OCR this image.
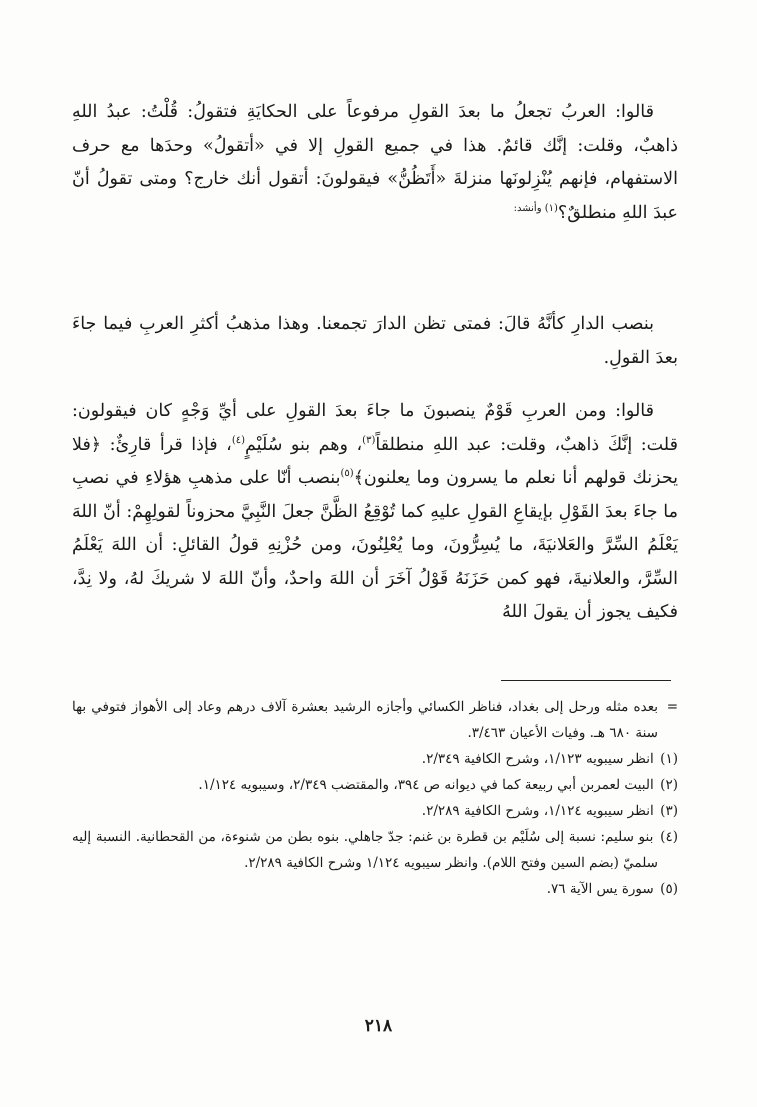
قالوا: العربُ تجعلُ ما بعدَ القولِ مرفوعاً على الحكايَةِ فتقولُ: قُلْتُ: عبدُ اللهِ ذاهبٌ، وقلت: إنَّك قائمٌ. هذا في جميع القولِ إلا في «أتقولُ» وحدَها مع حرف الاستفهام، فإنهم يُنْزِلونَها منزلةَ «أَتَظُنُّ» فيقولونَ: أتقول أنك خارج؟ ومتى تقولُ أنّ عبدَ اللهِ منطلقٌ؟$^{(١) وأنشد:}$

بنصب الدارِ كأنَّهُ قالَ: فمتى تظن الدارَ تجمعنا. وهذا مذهبُ أكثرِ العربِ فيما جاءَ بعدَ القولِ.

قالوا: ومن العربِ قَوْمٌ ينصبونَ ما جاءَ بعدَ القولِ على أيِّ وَجْهٍ كان فيقولون: قلت: إنَّكَ ذاهبٌ، وقلت: عبد اللهِ منطلقاً$^{(٣)}$، وهم بنو سُلَيْمٍ$^{(٤)}$، فإذا قرأ قارِئٌ: ﴿فلا يحزنك قولهم أنا نعلم ما يسرون وما يعلنون﴾$^{(٥)}$بنصب أنّا على مذهبِ هؤلاءِ في نصبِ ما جاءَ بعدَ القَوْلِ بإيقاعِ القولِ عليهِ كما تُوْقِعُ الظَّنَّ جعلَ النَّبِيَّ محزوناً لقولِهِمْ: أنّ اللهَ يَعْلَمُ السِّرَّ والعَلانيَةَ، ما يُسِرُّونَ، وما يُعْلِنُونَ، ومن حُزْنِهِ قولُ القائلِ: أن اللهَ يَعْلَمُ السِّرَّ، والعلانيةَ، فهو كمن حَزَنَهُ قَوْلُ آخَرَ أن اللهَ واحدٌ، وأنّ اللهَ لا شريكَ لهُ، ولا نِدَّ، فكيف يجوز أن يقولَ اللهُ

=بعده مثله ورحل إلى بغداد، فناظر الكسائي وأجازه الرشيد بعشرة آلاف درهم وعاد إلى الأهواز فتوفي بها سنة ٦٨٠ هـ. وفيات الأعيان ٣/٤٦٣.

(١) انظر سيبويه ١/١٢٣، وشرح الكافية ٢/٣٤٩.

(٢) البيت لعمربن أبي ربيعة كما في ديوانه ص ٣٩٤، والمقتضب ٢/٣٤٩، وسيبويه ١/١٢٤.

(٣) انظر سيبويه ١/١٢٤، وشرح الكافية ٢/٢٨٩.

(٤) بنو سليم: نسبة إلى سُلَيْم بن قطرة بن غنم: جدّ جاهلي. بنوه بطن من شنوءة، من القحطانية. النسبة إليه سلميّ (بضم السين وفتح اللام). وانظر سيبويه ١/١٢٤ وشرح الكافية ٢/٢٨٩.

(٥) سورة يس الآية ٧٦.

٢١٨
